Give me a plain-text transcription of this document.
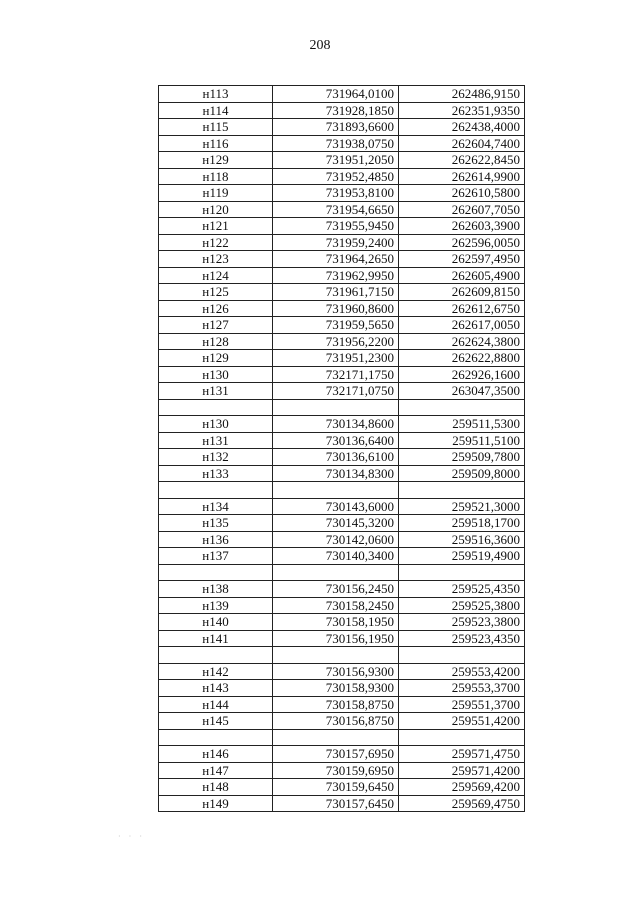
208
н113	731964,0100	262486,9150
н114	731928,1850	262351,9350
н115	731893,6600	262438,4000
н116	731938,0750	262604,7400
н129	731951,2050	262622,8450
н118	731952,4850	262614,9900
н119	731953,8100	262610,5800
н120	731954,6650	262607,7050
н121	731955,9450	262603,3900
н122	731959,2400	262596,0050
н123	731964,2650	262597,4950
н124	731962,9950	262605,4900
н125	731961,7150	262609,8150
н126	731960,8600	262612,6750
н127	731959,5650	262617,0050
н128	731956,2200	262624,3800
н129	731951,2300	262622,8800
н130	732171,1750	262926,1600
н131	732171,0750	263047,3500

н130	730134,8600	259511,5300
н131	730136,6400	259511,5100
н132	730136,6100	259509,7800
н133	730134,8300	259509,8000

н134	730143,6000	259521,3000
н135	730145,3200	259518,1700
н136	730142,0600	259516,3600
н137	730140,3400	259519,4900

н138	730156,2450	259525,4350
н139	730158,2450	259525,3800
н140	730158,1950	259523,3800
н141	730156,1950	259523,4350

н142	730156,9300	259553,4200
н143	730158,9300	259553,3700
н144	730158,8750	259551,3700
н145	730156,8750	259551,4200

н146	730157,6950	259571,4750
н147	730159,6950	259571,4200
н148	730159,6450	259569,4200
н149	730157,6450	259569,4750
· · ·
